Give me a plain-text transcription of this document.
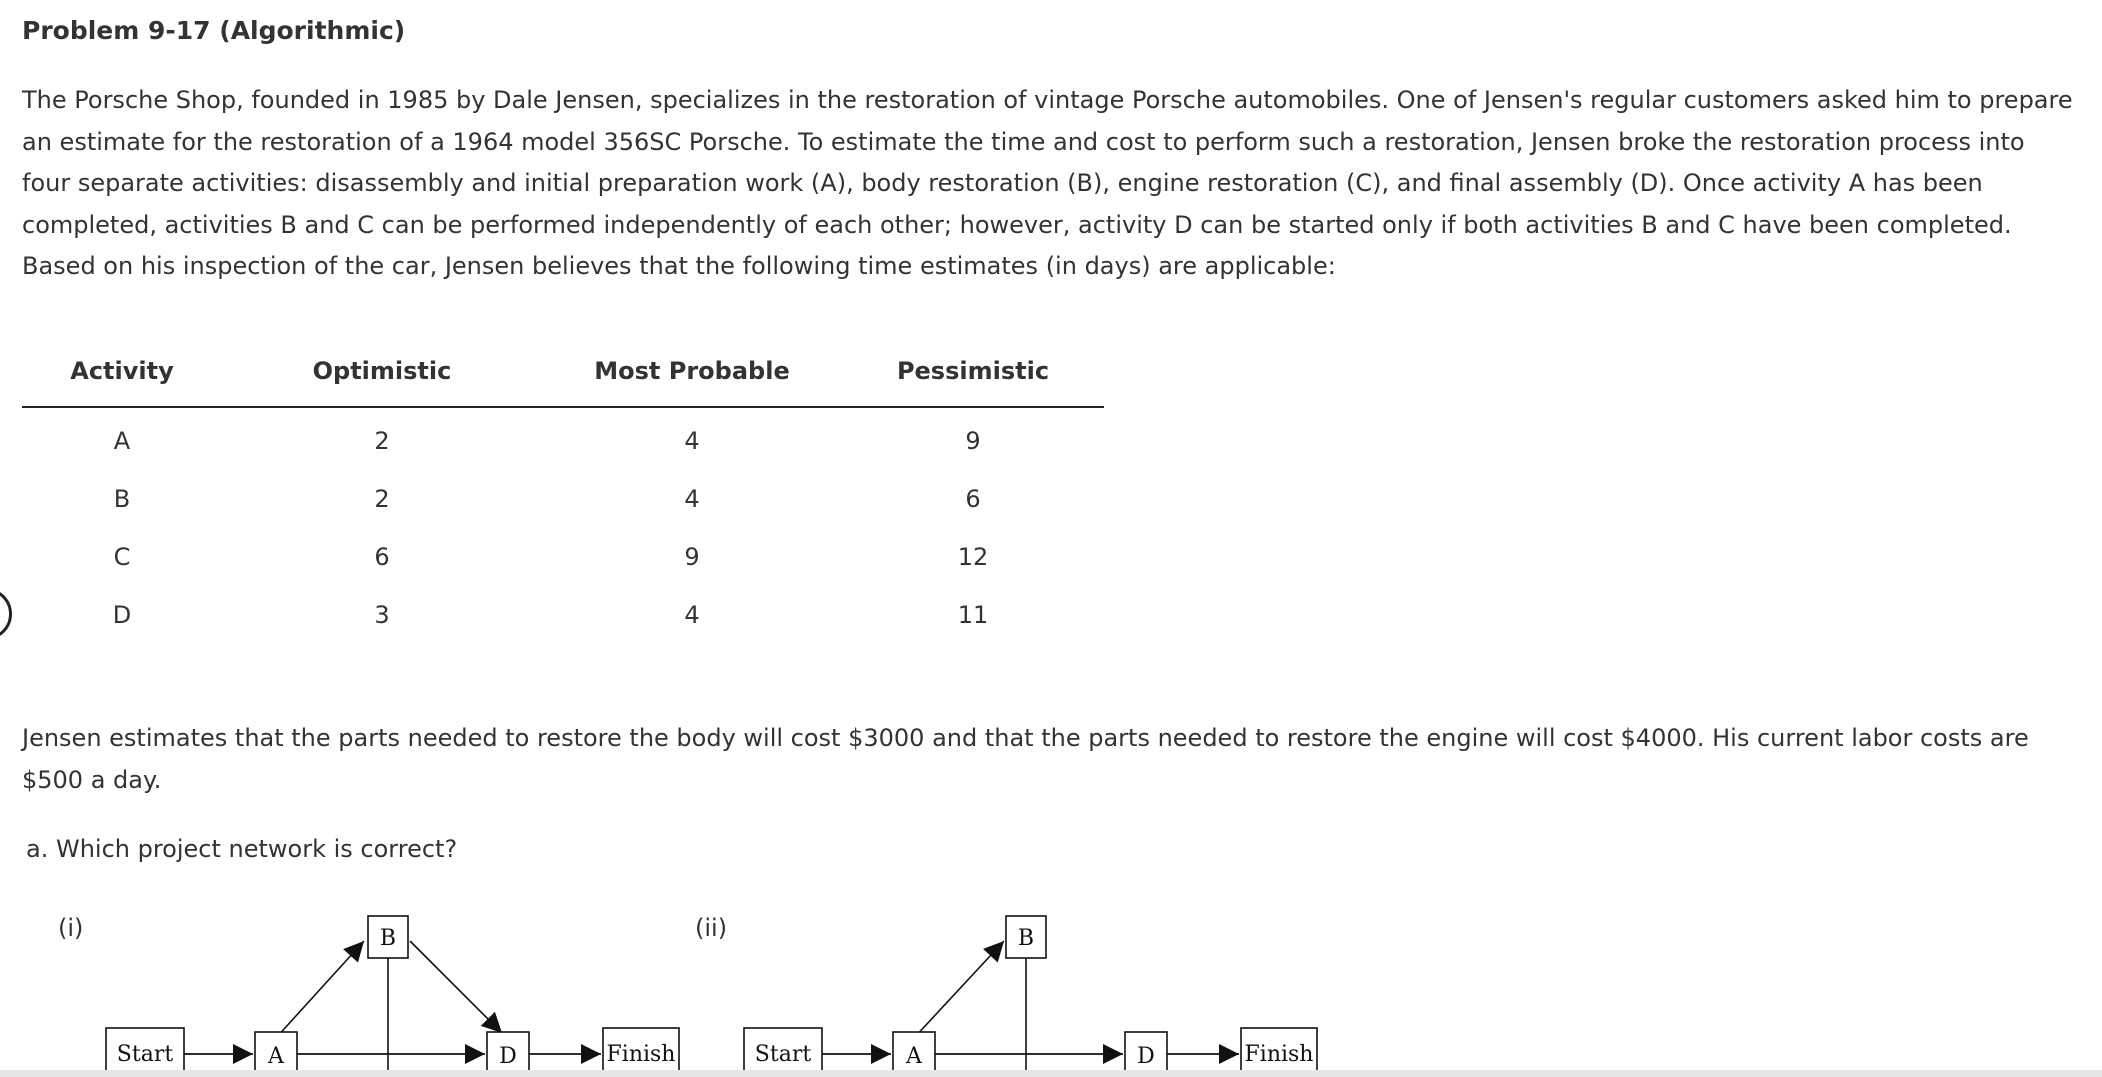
Problem 9-17 (Algorithmic)

The Porsche Shop, founded in 1985 by Dale Jensen, specializes in the restoration of vintage Porsche automobiles. One of Jensen's regular customers asked him to prepare

an estimate for the restoration of a 1964 model 356SC Porsche. To estimate the time and cost to perform such a restoration, Jensen broke the restoration process into

four separate activities: disassembly and initial preparation work (A), body restoration (B), engine restoration (C), and final assembly (D). Once activity A has been

completed, activities B and C can be performed independently of each other; however, activity D can be started only if both activities B and C have been completed.

Based on his inspection of the car, Jensen believes that the following time estimates (in days) are applicable:

Activity	Optimistic	Most Probable	Pessimistic
A	2	4	9
B	2	4	6
C	6	9	12
D	3	4	11

Jensen estimates that the parts needed to restore the body will cost $3000 and that the parts needed to restore the engine will cost $4000. His current labor costs are

$500 a day.

a. Which project network is correct?
(i)	(ii)
Start	A
B
D	Finish	Start	A
B
D	Finish
